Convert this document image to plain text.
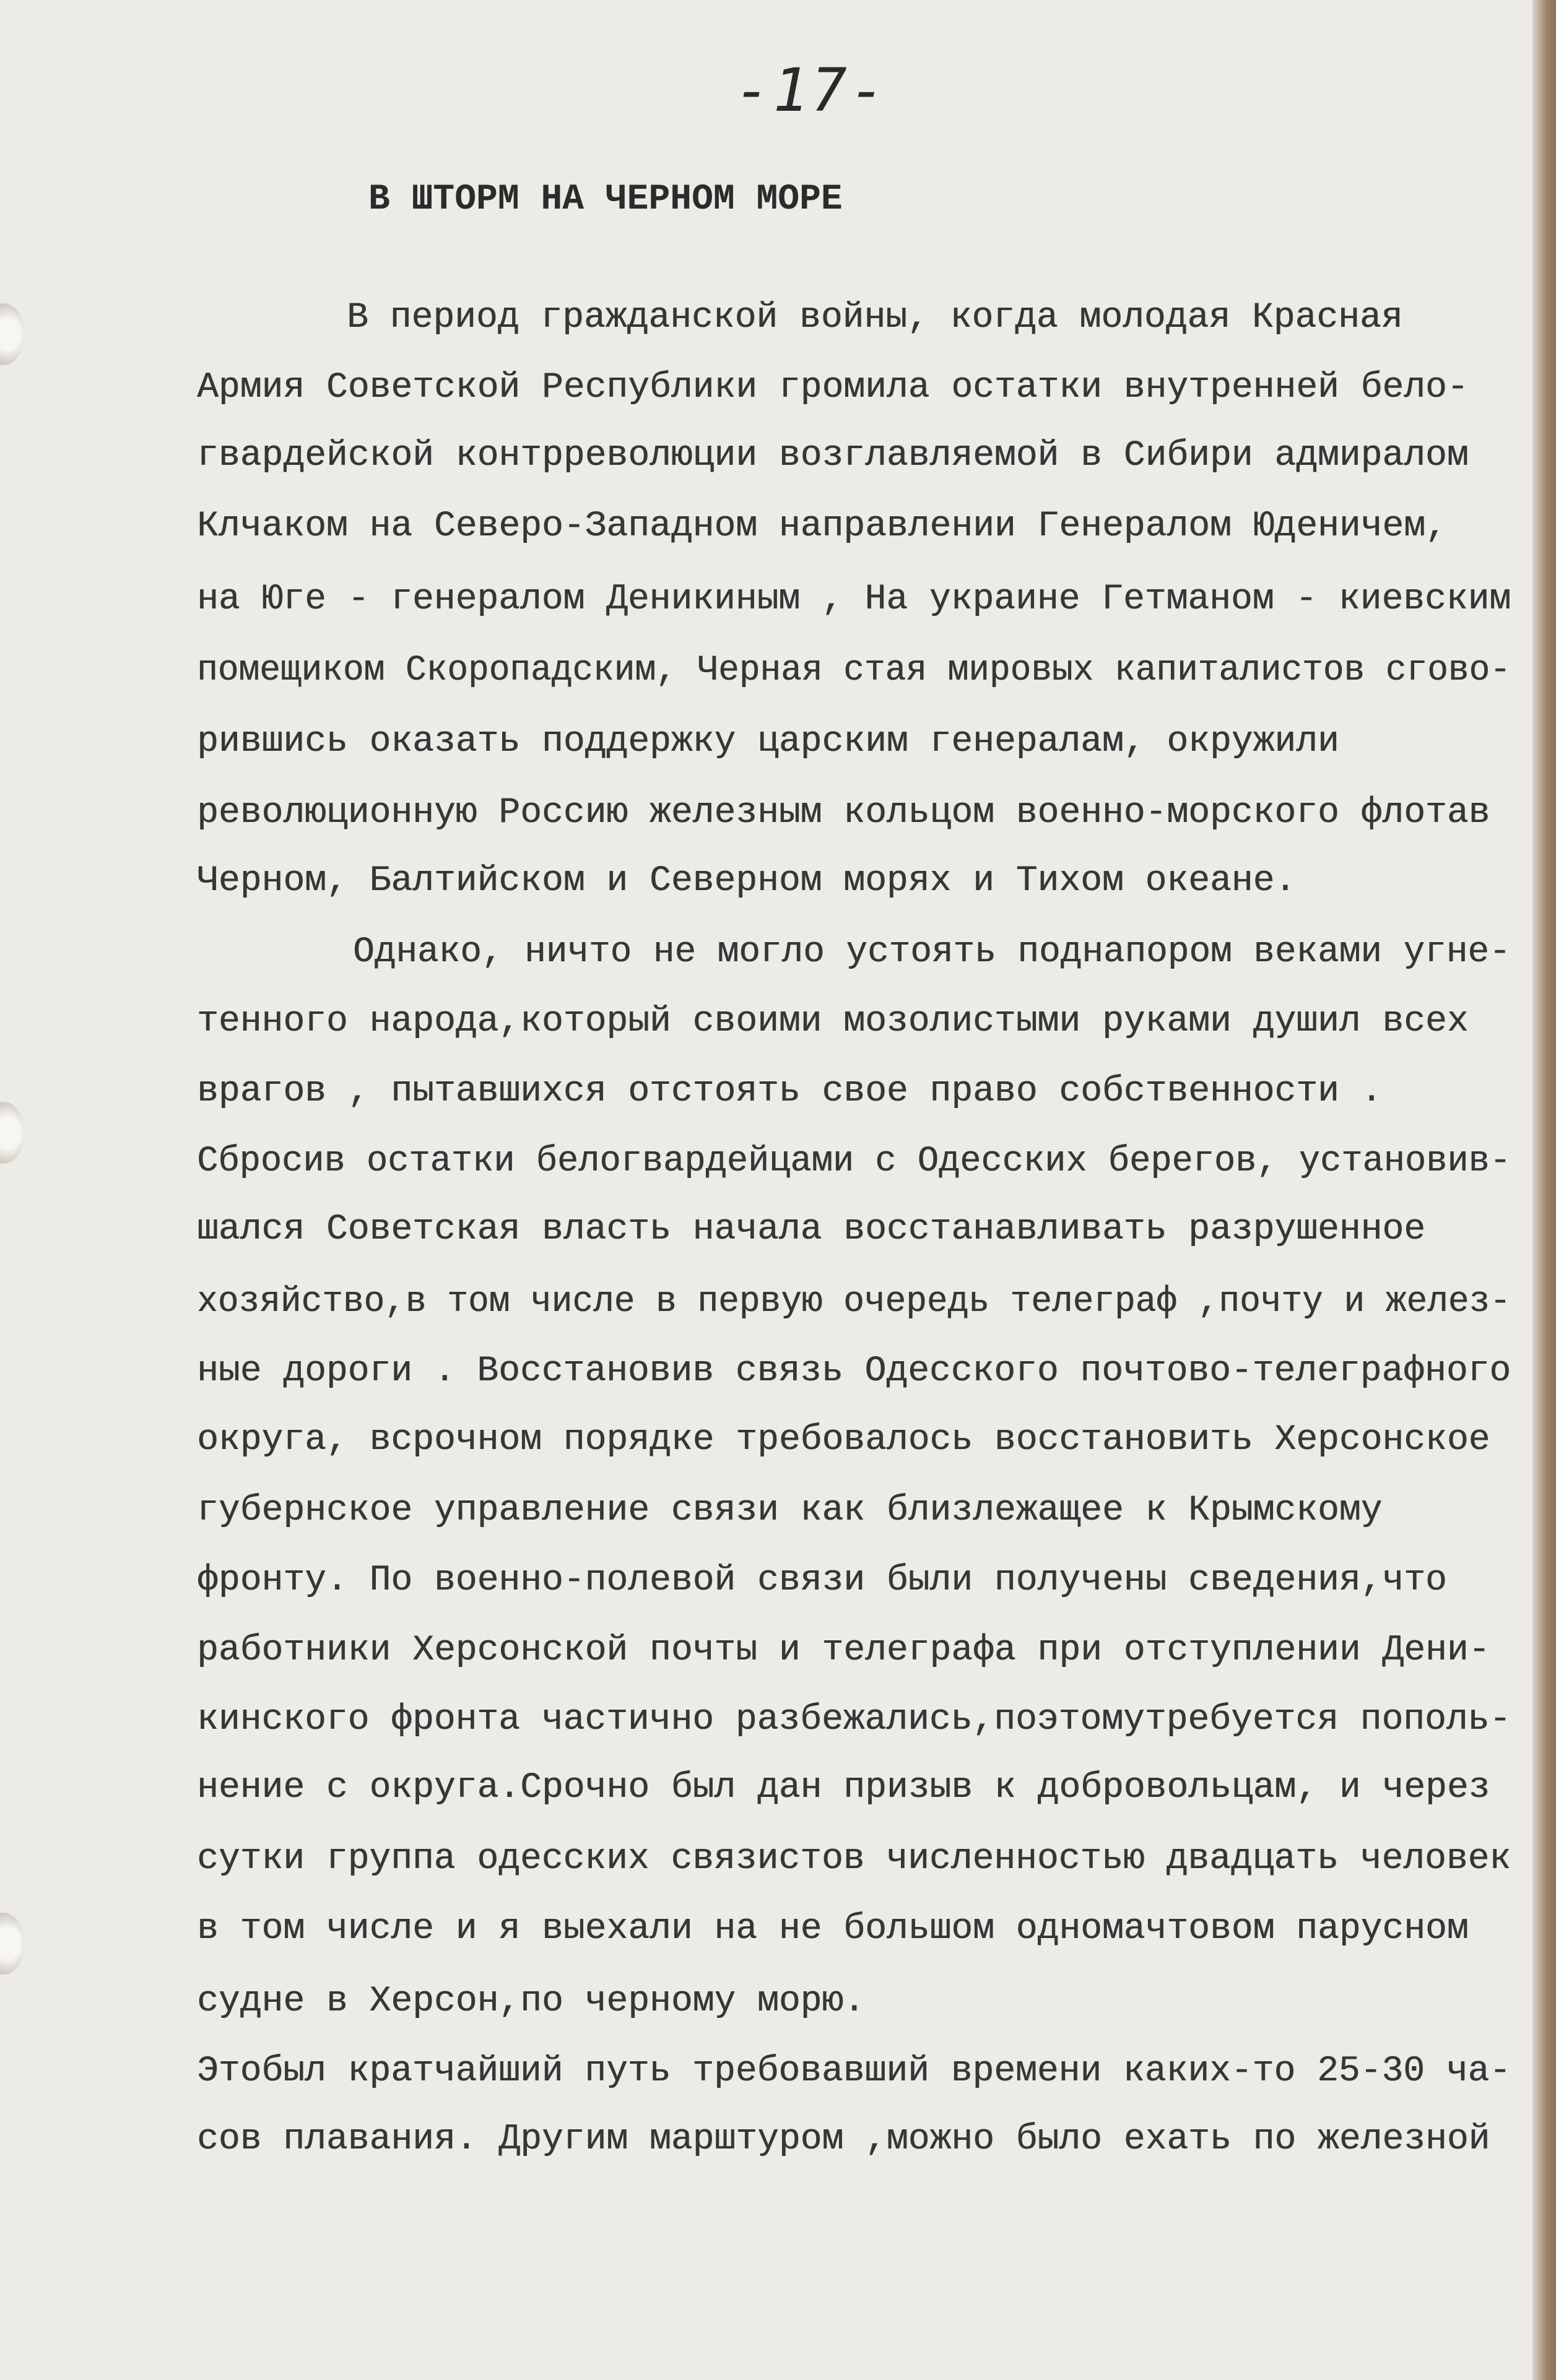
-17-
В ШТОРМ НА ЧЕРНОМ МОРЕ
В период гражданской войны, когда молодая Красная
Армия Советской Республики громила остатки внутренней бело-
гвардейской контрреволюции возглавляемой в Сибири адмиралом
Клчаком на Северо-Западном направлении Генералом Юденичем,
на Юге - генералом Деникиным , На украине Гетманом - киевским
помещиком Скоропадским, Черная стая мировых капиталистов сгово-
рившись оказать поддержку царским генералам, окружили
революционную Россию железным кольцом военно-морского флотав
Черном, Балтийском и Северном морях и Тихом океане.
Однако, ничто не могло устоять поднапором веками угне-
тенного народа,который своими мозолистыми руками душил всех
врагов , пытавшихся отстоять свое право собственности .
Сбросив остатки белогвардейцами с Одесских берегов, установив-
шался Советская власть начала восстанавливать разрушенное
хозяйство,в том числе в первую очередь телеграф ,почту и желез-
ные дороги . Восстановив связь Одесского почтово-телеграфного
округа, всрочном порядке требовалось восстановить Херсонское
губернское управление связи как близлежащее к Крымскому
фронту. По военно-полевой связи были получены сведения,что
работники Херсонской почты и телеграфа при отступлении Дени-
кинского фронта частично разбежались,поэтомутребуется пополь-
нение с округа.Срочно был дан призыв к добровольцам, и через
сутки группа одесских связистов численностью двадцать человек
в том числе и я выехали на не большом одномачтовом парусном
судне в Херсон,по черному морю.
Этобыл кратчайший путь требовавший времени каких-то 25-30 ча-
сов плавания. Другим марштуром ,можно было ехать по железной
